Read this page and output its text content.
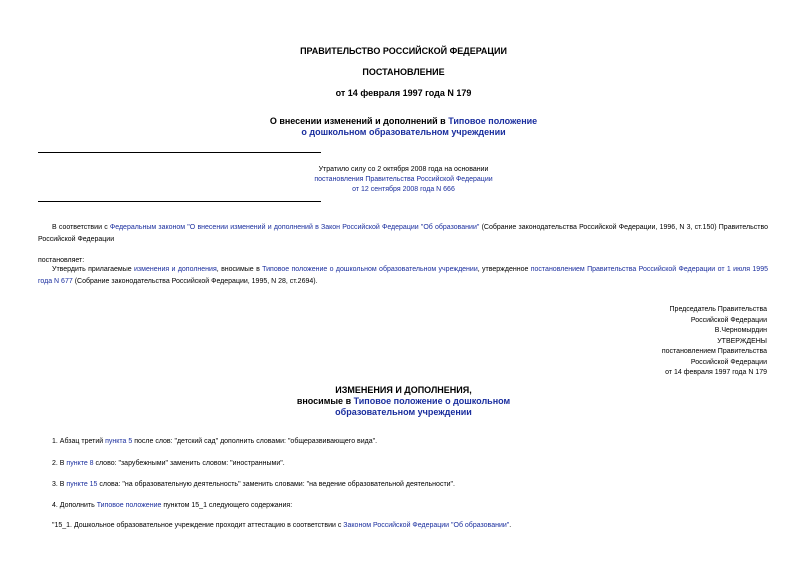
ПРАВИТЕЛЬСТВО РОССИЙСКОЙ ФЕДЕРАЦИИ
ПОСТАНОВЛЕНИЕ
от 14 февраля 1997 года N 179
О внесении изменений и дополнений в Типовое положение
о дошкольном образовательном учреждении
Утратило силу со 2 октября 2008 года на основании
постановления Правительства Российской Федерации
от 12 сентября 2008 года N 666
В соответствии с Федеральным законом "О внесении изменений и дополнений в Закон Российской Федерации "Об образовании" (Собрание законодательства Российской Федерации, 1996, N 3, ст.150) Правительство Российской Федерации
постановляет:
Утвердить прилагаемые изменения и дополнения, вносимые в Типовое положение о дошкольном образовательном учреждении, утвержденное постановлением Правительства Российской Федерации от 1 июля 1995 года N 677 (Собрание законодательства Российской Федерации, 1995, N 28, ст.2694).
Председатель Правительства
Российской Федерации
В.Черномырдин
УТВЕРЖДЕНЫ
постановлением Правительства
Российской Федерации
от 14 февраля 1997 года N 179
ИЗМЕНЕНИЯ И ДОПОЛНЕНИЯ,
вносимые в Типовое положение о дошкольном
образовательном учреждении
1. Абзац третий пункта 5 после слов: "детский сад" дополнить словами: "общеразвивающего вида".
2. В пункте 8 слово: "зарубежными" заменить словом: "иностранными".
3. В пункте 15 слова: "на образовательную деятельность" заменить словами: "на ведение образовательной деятельности".
4. Дополнить Типовое положение пунктом 15_1 следующего содержания:
"15_1. Дошкольное образовательное учреждение проходит аттестацию в соответствии с Законом Российской Федерации "Об образовании".
